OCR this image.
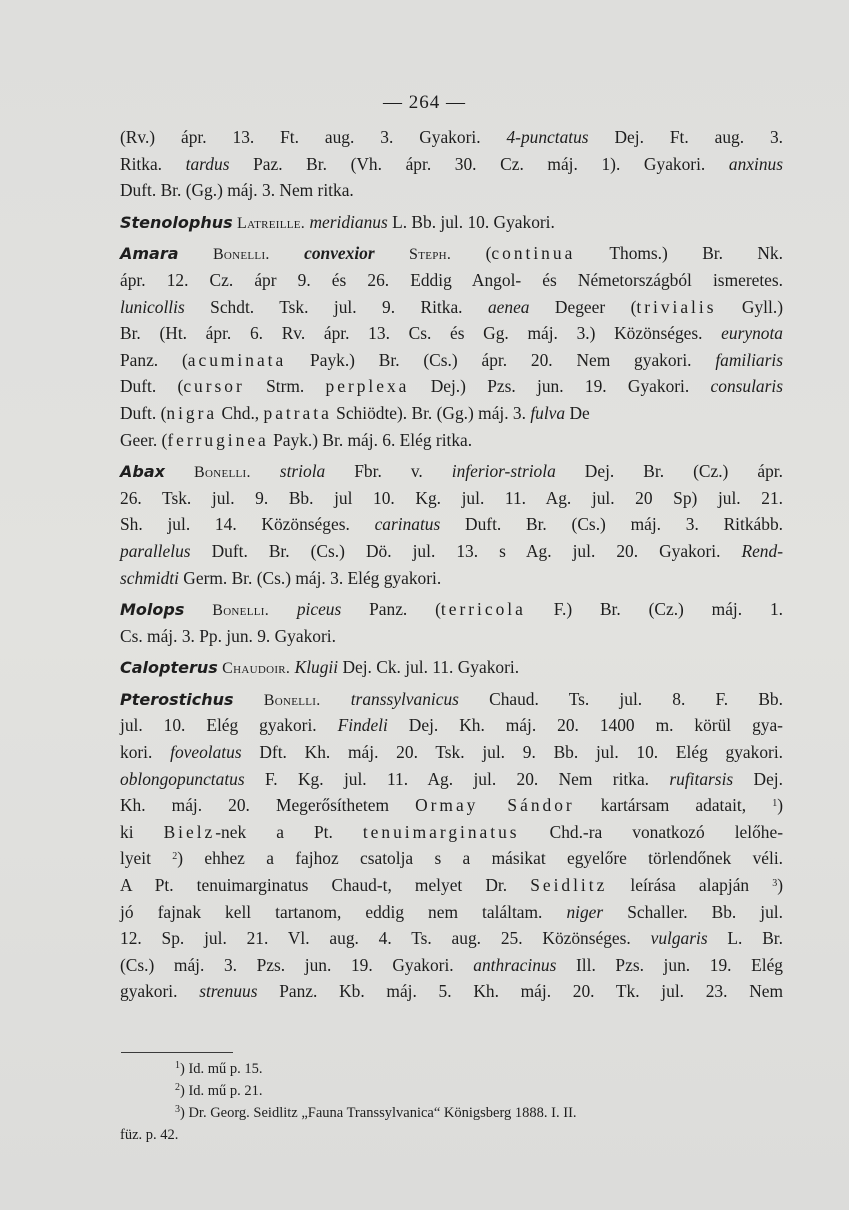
— 264 —
(Rv.) ápr. 13. Ft. aug. 3. Gyakori. 4-punctatus Dej. Ft. aug. 3.
Ritka. tardus Paz. Br. (Vh. ápr. 30. Cz. máj. 1). Gyakori. anxinus
Duft. Br. (Gg.) máj. 3. Nem ritka.
Stenolophus Latreille. meridianus L. Bb. jul. 10. Gyakori.
Amara Bonelli. convexior Steph. (continua Thoms.) Br. Nk.
ápr. 12. Cz. ápr 9. és 26. Eddig Angol- és Németországból ismeretes.
lunicollis Schdt. Tsk. jul. 9. Ritka. aenea Degeer (trivialis Gyll.)
Br. (Ht. ápr. 6. Rv. ápr. 13. Cs. és Gg. máj. 3.) Közönséges. eurynota
Panz. (acuminata Payk.) Br. (Cs.) ápr. 20. Nem gyakori. familiaris
Duft. (cursor Strm. perplexa Dej.) Pzs. jun. 19. Gyakori. consularis
Duft. (nigra Chd., patrata Schiödte). Br. (Gg.) máj. 3. fulva De
Geer. (ferruginea Payk.) Br. máj. 6. Elég ritka.
Abax Bonelli. striola Fbr. v. inferior-striola Dej. Br. (Cz.) ápr.
26. Tsk. jul. 9. Bb. jul 10. Kg. jul. 11. Ag. jul. 20 Sp) jul. 21.
Sh. jul. 14. Közönséges. carinatus Duft. Br. (Cs.) máj. 3. Ritkább.
parallelus Duft. Br. (Cs.) Dö. jul. 13. s Ag. jul. 20. Gyakori. Rend-
schmidti Germ. Br. (Cs.) máj. 3. Elég gyakori.
Molops Bonelli. piceus Panz. (terricola F.) Br. (Cz.) máj. 1.
Cs. máj. 3. Pp. jun. 9. Gyakori.
Calopterus Chaudoir. Klugii Dej. Ck. jul. 11. Gyakori.
Pterostichus Bonelli. transsylvanicus Chaud. Ts. jul. 8. F. Bb.
jul. 10. Elég gyakori. Findeli Dej. Kh. máj. 20. 1400 m. körül gya-
kori. foveolatus Dft. Kh. máj. 20. Tsk. jul. 9. Bb. jul. 10. Elég gyakori.
oblongopunctatus F. Kg. jul. 11. Ag. jul. 20. Nem ritka. rufitarsis Dej.
Kh. máj. 20. Megerősíthetem Ormay Sándor kartársam adatait, $^1$)
ki Bielz-nek a Pt. tenuimarginatus Chd.-ra vonatkozó lelőhe-
lyeit $^2$) ehhez a fajhoz csatolja s a másikat egyelőre törlendőnek véli.
A Pt. tenuimarginatus Chaud-t, melyet Dr. Seidlitz leírása alapján $^3$)
jó fajnak kell tartanom, eddig nem találtam. niger Schaller. Bb. jul.
12. Sp. jul. 21. Vl. aug. 4. Ts. aug. 25. Közönséges. vulgaris L. Br.
(Cs.) máj. 3. Pzs. jun. 19. Gyakori. anthracinus Ill. Pzs. jun. 19. Elég
gyakori. strenuus Panz. Kb. máj. 5. Kh. máj. 20. Tk. jul. 23. Nem
$^1$) Id. mű p. 15.
$^2$) Id. mű p. 21.
$^3$) Dr. Georg. Seidlitz „Fauna Transsylvanica“ Königsberg 1888. I. II.
füz. p. 42.
